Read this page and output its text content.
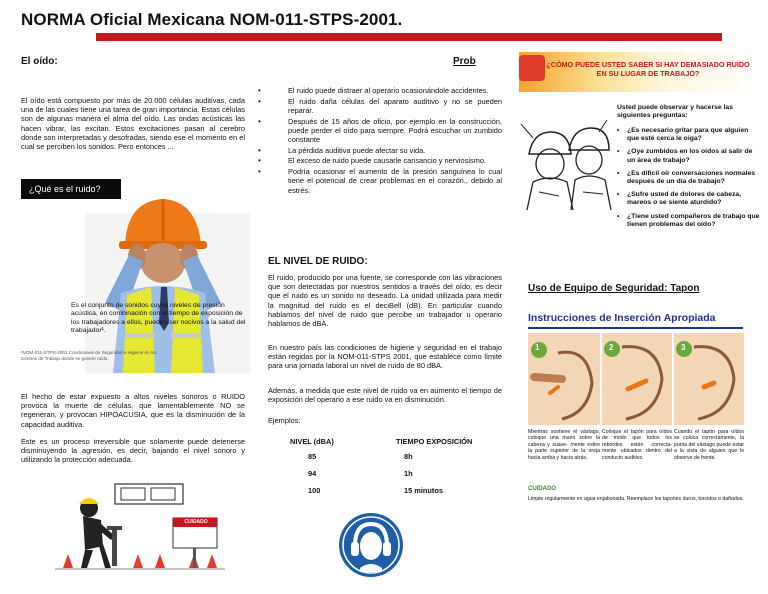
NORMA Oficial Mexicana NOM-011-STPS-2001.
El oído:

El oído está compuesto por más de 20.000 células auditivas, cada una de las cuales tiene una tarea de gran importancia. Estas células son de algunas manera el alma del oído. Las ondas acústicas las hacen vibrar, las excitan. Estos excitaciones pasan al cerebro donde son interpretadas y desofradas, siendo ese el momento en el cual se perciben los sonidos. Pero entonces ...

¿Qué es el ruido?

Es el conjunto de sonidos cuyos niveles de presión acústica, en combinación con el tiempo de exposición de los trabajadores a ellos, pueden ser nocivos a la salud del trabajador¹.

¹NOM-011-STPS-2001 Condiciones de Seguridad e Higiene en los Centros de Trabajo donde se genere ruido.

El hecho de estar expuesto a altos niveles sonoros o RUIDO provoca la muerte de células, que lamentablemente NO se regeneran, y provocan HIPOACUSIA, que es la disminución de la capacidad auditiva.

Este es un proceso irreversible que solamente puede detenerse disminuyendo la agresión, es decir, bajando el nivel sonoro y utilizando la protección adecuada.

CUIDADO
Prob
•	El ruido puede distraer al operario ocasionándole accidentes.
•	El ruido daña células del aparato auditivo y no se pueden reparar.
•	Después de 15 años de oficio, por ejemplo en la construcción, puede perder el oído para siempre. Podrá escuchar un zumbido constante
•	La pérdida auditiva puede afectar su vida.
•	El exceso de ruido puede causarle cansancio y nerviosismo.
•	Podría ocasionar el aumento de la presión sanguínea lo cual tiene el potencial de crear problemas en el corazón., debido al estrés.
EL NIVEL DE RUIDO:

El ruido, producido por una fuente, se corresponde con las vibraciones que son detectadas por nuestros sentidos a través del oído, es decir que el ruido es un sonido no deseado. La unidad utilizada para medir la magnitud del ruido es el deciBell (dB). En particular cuando hablamos del nivel de ruido que percibe un trabajador u operario hablamos de dBA.

En nuestro país las condiciones de higiene y seguridad en el trabajo están regidas por la NOM-011-STPS 2001, que establece como límite para una jornada laboral un nivel de ruido de 80 dBA.

Además, a medida que este nivel de ruido va en aumento el tiempo de exposición del operario a ese ruido va en disminución.

Ejemplos:

NIVEL (dBA)	TIEMPO EXPOSICIÓN
85	8h
94	1h
100	15 minutos
¿CÓMO PUEDE USTED SABER SI HAY DEMASIADO RUIDO EN SU LUGAR DE TRABAJO?

Usted puede observar y hacerse las siguientes preguntas:

• ¿Es necesario gritar para que alguien que esté cerca le oiga?
• ¿Oye zumbidos en los oídos al salir de un área de trabajo?
• ¿Es difícil oír conversaciones normales después de un día de trabajo?
• ¿Sufre usted de dolores de cabeza, mareos o se siente aturdido?
• ¿Tiene usted compañeros de trabajo que tienen problemas del oído?
Uso de Equipo de Seguridad: Tapon
Instrucciones de Inserción Apropiada
1	2	3

Mientras sostiene el vástago, coloque una mano sobre la cabeza y suave- mente estire la parte superior de la oreja hacia arriba y hacia atrás.

Coloque el tapón para oídos de modo que todos los rebordes estén correcta- mente ubicados dentro del conducto auditivo.

Cuando el tapón para oídos se coloca correctamente, la punta del vástago puede estar a la vista de alguien que lo observe de frente.

CUIDADO

Limpie regularmente en agua enjabonada. Reemplace los tapones duros, torcidos o dañados.
